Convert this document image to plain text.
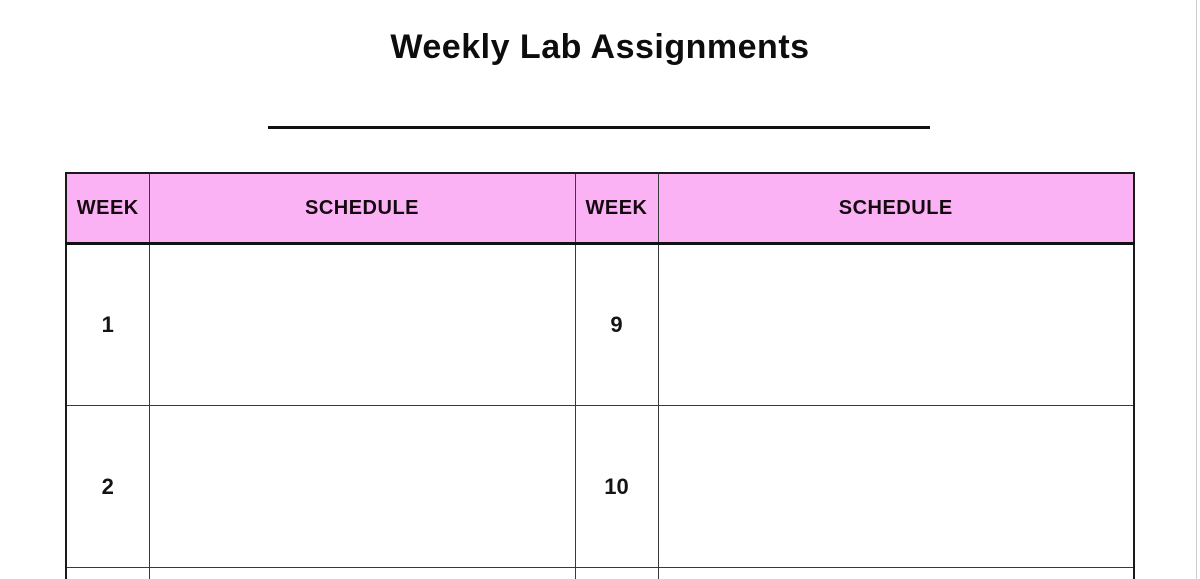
Weekly Lab Assignments
WEEK	SCHEDULE	WEEK	SCHEDULE
1		9	
2		10	
